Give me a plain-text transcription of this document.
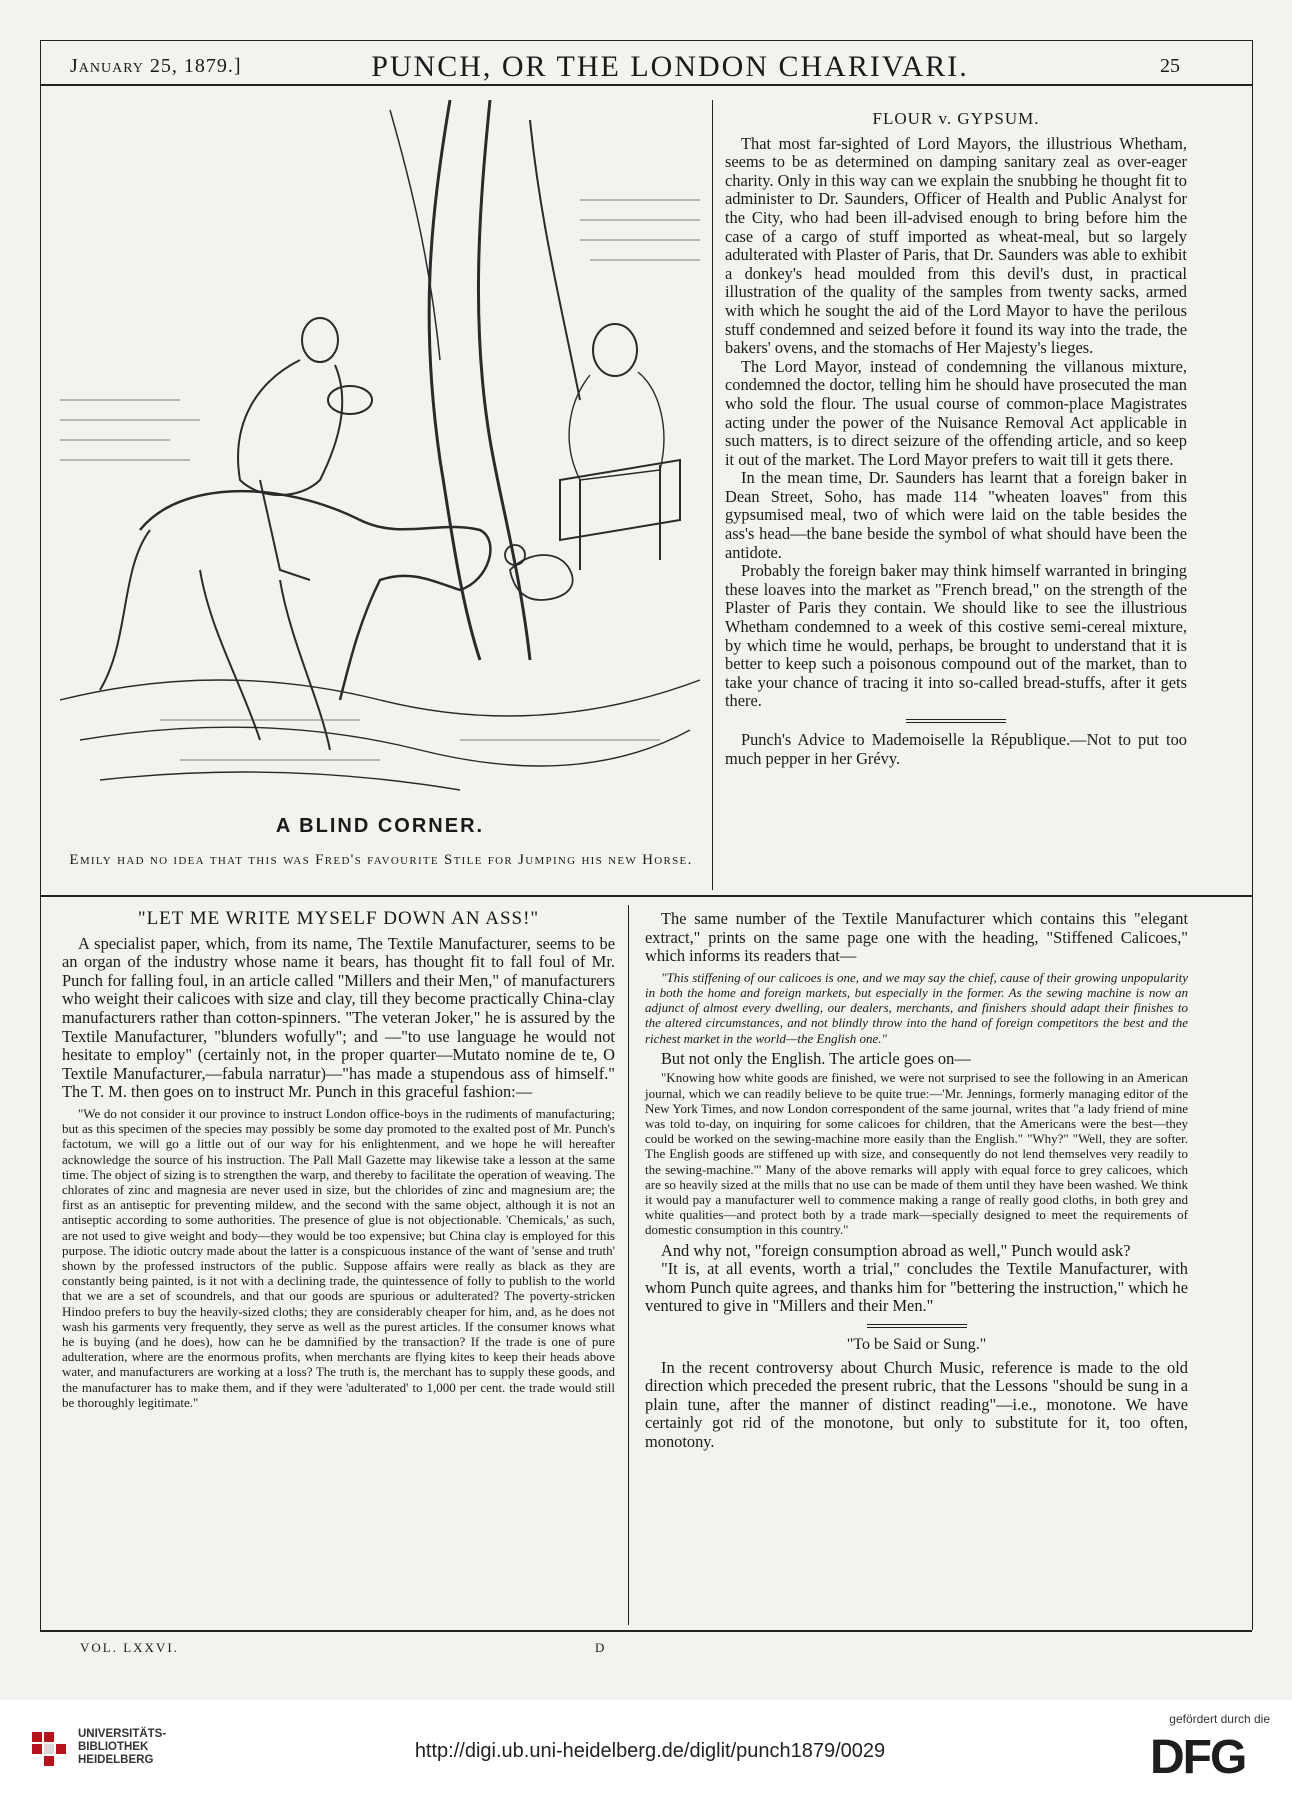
January 25, 1879.]	PUNCH, OR THE LONDON CHARIVARI.	25
A BLIND CORNER.
Emily had no idea that this was Fred's favourite Stile for Jumping his new Horse.
FLOUR v. GYPSUM.

That most far-sighted of Lord Mayors, the illustrious Whetham, seems to be as determined on damping sanitary zeal as over-eager charity. Only in this way can we explain the snubbing he thought fit to administer to Dr. Saunders, Officer of Health and Public Analyst for the City, who had been ill-advised enough to bring before him the case of a cargo of stuff imported as wheat-meal, but so largely adulterated with Plaster of Paris, that Dr. Saunders was able to exhibit a donkey's head moulded from this devil's dust, in practical illustration of the quality of the samples from twenty sacks, armed with which he sought the aid of the Lord Mayor to have the perilous stuff condemned and seized before it found its way into the trade, the bakers' ovens, and the stomachs of Her Majesty's lieges.

The Lord Mayor, instead of condemning the villanous mixture, condemned the doctor, telling him he should have prosecuted the man who sold the flour. The usual course of common-place Magistrates acting under the power of the Nuisance Removal Act applicable in such matters, is to direct seizure of the offending article, and so keep it out of the market. The Lord Mayor prefers to wait till it gets there.

In the mean time, Dr. Saunders has learnt that a foreign baker in Dean Street, Soho, has made 114 "wheaten loaves" from this gypsumised meal, two of which were laid on the table besides the ass's head—the bane beside the symbol of what should have been the antidote.

Probably the foreign baker may think himself warranted in bringing these loaves into the market as "French bread," on the strength of the Plaster of Paris they contain. We should like to see the illustrious Whetham condemned to a week of this costive semi-cereal mixture, by which time he would, perhaps, be brought to understand that it is better to keep such a poisonous compound out of the market, than to take your chance of tracing it into so-called bread-stuffs, after it gets there.

Punch's Advice to Mademoiselle la République.—Not to put too much pepper in her Grévy.

"LET ME WRITE MYSELF DOWN AN ASS!"

A specialist paper, which, from its name, The Textile Manufacturer, seems to be an organ of the industry whose name it bears, has thought fit to fall foul of Mr. Punch for falling foul, in an article called "Millers and their Men," of manufacturers who weight their calicoes with size and clay, till they become practically China-clay manufacturers rather than cotton-spinners. "The veteran Joker," he is assured by the Textile Manufacturer, "blunders wofully"; and —"to use language he would not hesitate to employ" (certainly not, in the proper quarter—Mutato nomine de te, O Textile Manufacturer,—fabula narratur)—"has made a stupendous ass of himself." The T. M. then goes on to instruct Mr. Punch in this graceful fashion:—

"We do not consider it our province to instruct London office-boys in the rudiments of manufacturing; but as this specimen of the species may possibly be some day promoted to the exalted post of Mr. Punch's factotum, we will go a little out of our way for his enlightenment, and we hope he will hereafter acknowledge the source of his instruction. The Pall Mall Gazette may likewise take a lesson at the same time. The object of sizing is to strengthen the warp, and thereby to facilitate the operation of weaving. The chlorates of zinc and magnesia are never used in size, but the chlorides of zinc and magnesium are; the first as an antiseptic for preventing mildew, and the second with the same object, although it is not an antiseptic according to some authorities. The presence of glue is not objectionable. 'Chemicals,' as such, are not used to give weight and body—they would be too expensive; but China clay is employed for this purpose. The idiotic outcry made about the latter is a conspicuous instance of the want of 'sense and truth' shown by the professed instructors of the public. Suppose affairs were really as black as they are constantly being painted, is it not with a declining trade, the quintessence of folly to publish to the world that we are a set of scoundrels, and that our goods are spurious or adulterated? The poverty-stricken Hindoo prefers to buy the heavily-sized cloths; they are considerably cheaper for him, and, as he does not wash his garments very frequently, they serve as well as the purest articles. If the consumer knows what he is buying (and he does), how can he be damnified by the transaction? If the trade is one of pure adulteration, where are the enormous profits, when merchants are flying kites to keep their heads above water, and manufacturers are working at a loss? The truth is, the merchant has to supply these goods, and the manufacturer has to make them, and if they were 'adulterated' to 1,000 per cent. the trade would still be thoroughly legitimate."

The same number of the Textile Manufacturer which contains this "elegant extract," prints on the same page one with the heading, "Stiffened Calicoes," which informs its readers that—

"This stiffening of our calicoes is one, and we may say the chief, cause of their growing unpopularity in both the home and foreign markets, but especially in the former. As the sewing machine is now an adjunct of almost every dwelling, our dealers, merchants, and finishers should adapt their finishes to the altered circumstances, and not blindly throw into the hand of foreign competitors the best and the richest market in the world—the English one."

But not only the English. The article goes on—

"Knowing how white goods are finished, we were not surprised to see the following in an American journal, which we can readily believe to be quite true:—'Mr. Jennings, formerly managing editor of the New York Times, and now London correspondent of the same journal, writes that "a lady friend of mine was told to-day, on inquiring for some calicoes for children, that the Americans were the best—they could be worked on the sewing-machine more easily than the English." "Why?" "Well, they are softer. The English goods are stiffened up with size, and consequently do not lend themselves very readily to the sewing-machine."' Many of the above remarks will apply with equal force to grey calicoes, which are so heavily sized at the mills that no use can be made of them until they have been washed. We think it would pay a manufacturer well to commence making a range of really good cloths, in both grey and white qualities—and protect both by a trade mark—specially designed to meet the requirements of domestic consumption in this country."

And why not, "foreign consumption abroad as well," Punch would ask?

"It is, at all events, worth a trial," concludes the Textile Manufacturer, with whom Punch quite agrees, and thanks him for "bettering the instruction," which he ventured to give in "Millers and their Men."

"To be Said or Sung."

In the recent controversy about Church Music, reference is made to the old direction which preceded the present rubric, that the Lessons "should be sung in a plain tune, after the manner of distinct reading"—i.e., monotone. We have certainly got rid of the monotone, but only to substitute for it, too often, monotony.

VOL. LXXVI.	D
UNIVERSITÄTS-
BIBLIOTHEK
HEIDELBERG	http://digi.ub.uni-heidelberg.de/diglit/punch1879/0029
gefördert durch die
DFG
